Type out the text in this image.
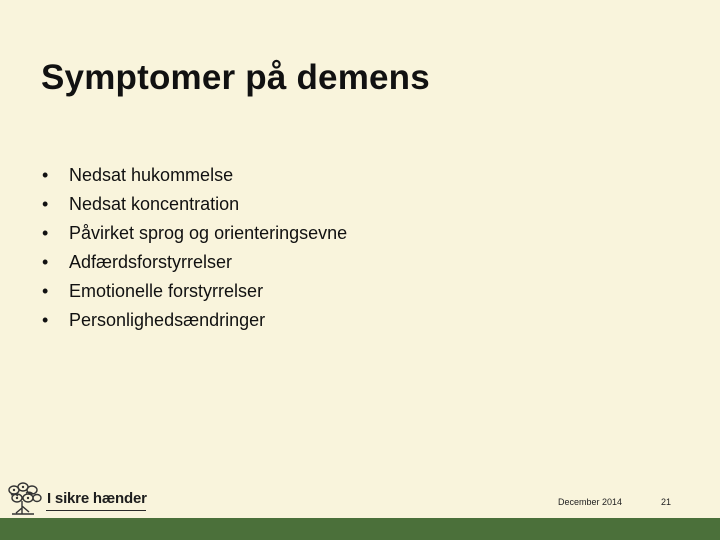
Symptomer på demens
• Nedsat hukommelse
• Nedsat koncentration
• Påvirket sprog og orienteringsevne
• Adfærdsforstyrrelser
• Emotionelle forstyrrelser
• Personlighedsændringer
I sikre hænder	December 2014	21
